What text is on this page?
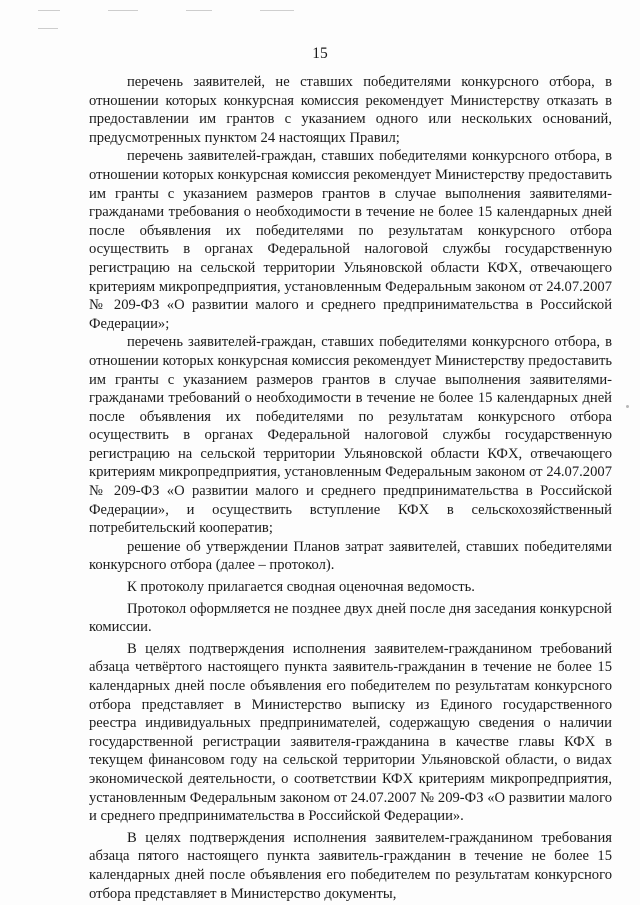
15

перечень заявителей, не ставших победителями конкурсного отбора, в отношении которых конкурсная комиссия рекомендует Министерству отказать в предоставлении им грантов с указанием одного или нескольких оснований, предусмотренных пунктом 24 настоящих Правил;

перечень заявителей-граждан, ставших победителями конкурсного отбора, в отношении которых конкурсная комиссия рекомендует Министерству предоставить им гранты с указанием размеров грантов в случае выполнения заявителями-гражданами требования о необходимости в течение не более 15 календарных дней после объявления их победителями по результатам конкурсного отбора осуществить в органах Федеральной налоговой службы государственную регистрацию на сельской территории Ульяновской области КФХ, отвечающего критериям микропредприятия, установленным Федеральным законом от 24.07.2007 № 209-ФЗ «О развитии малого и среднего предпринимательства в Российской Федерации»;

перечень заявителей-граждан, ставших победителями конкурсного отбора, в отношении которых конкурсная комиссия рекомендует Министерству предоставить им гранты с указанием размеров грантов в случае выполнения заявителями-гражданами требований о необходимости в течение не более 15 календарных дней после объявления их победителями по результатам конкурсного отбора осуществить в органах Федеральной налоговой службы государственную регистрацию на сельской территории Ульяновской области КФХ, отвечающего критериям микропредприятия, установленным Федеральным законом от 24.07.2007 № 209-ФЗ «О развитии малого и среднего предпринимательства в Российской Федерации», и осуществить вступление КФХ в сельскохозяйственный потребительский кооператив;

решение об утверждении Планов затрат заявителей, ставших победителями конкурсного отбора (далее – протокол).

К протоколу прилагается сводная оценочная ведомость.

Протокол оформляется не позднее двух дней после дня заседания конкурсной комиссии.

В целях подтверждения исполнения заявителем-гражданином требований абзаца четвёртого настоящего пункта заявитель-гражданин в течение не более 15 календарных дней после объявления его победителем по результатам конкурсного отбора представляет в Министерство выписку из Единого государственного реестра индивидуальных предпринимателей, содержащую сведения о наличии государственной регистрации заявителя-гражданина в качестве главы КФХ в текущем финансовом году на сельской территории Ульяновской области, о видах экономической деятельности, о соответствии КФХ критериям микропредприятия, установленным Федеральным законом от 24.07.2007 № 209-ФЗ «О развитии малого и среднего предпринимательства в Российской Федерации».

В целях подтверждения исполнения заявителем-гражданином требования абзаца пятого настоящего пункта заявитель-гражданин в течение не более 15 календарных дней после объявления его победителем по результатам конкурсного отбора представляет в Министерство документы,
